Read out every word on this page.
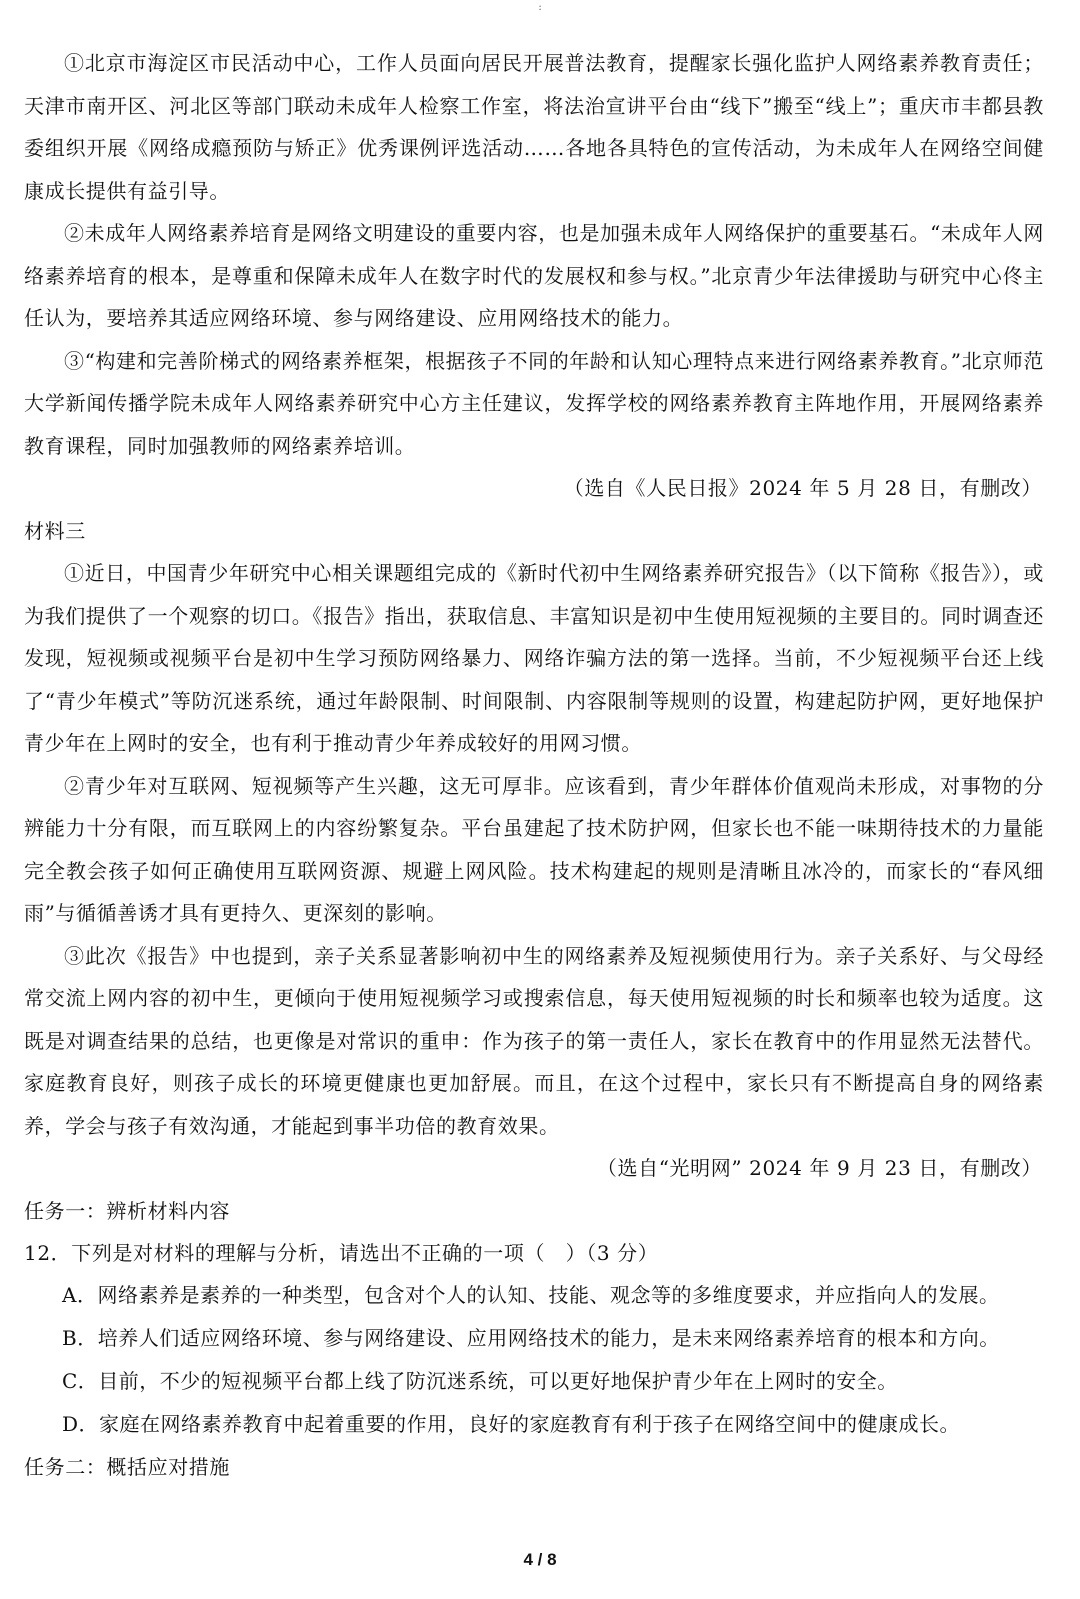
:

①北京市海淀区市民活动中心，工作人员面向居民开展普法教育，提醒家长强化监护人网络素养教育责任；天津市南开区、河北区等部门联动未成年人检察工作室，将法治宣讲平台由“线下”搬至“线上”；重庆市丰都县教委组织开展《网络成瘾预防与矫正》优秀课例评选活动……各地各具特色的宣传活动，为未成年人在网络空间健康成长提供有益引导。

②未成年人网络素养培育是网络文明建设的重要内容，也是加强未成年人网络保护的重要基石。“未成年人网络素养培育的根本，是尊重和保障未成年人在数字时代的发展权和参与权。”北京青少年法律援助与研究中心佟主任认为，要培养其适应网络环境、参与网络建设、应用网络技术的能力。

③“构建和完善阶梯式的网络素养框架，根据孩子不同的年龄和认知心理特点来进行网络素养教育。”北京师范大学新闻传播学院未成年人网络素养研究中心方主任建议，发挥学校的网络素养教育主阵地作用，开展网络素养教育课程，同时加强教师的网络素养培训。

（选自《人民日报》2024 年 5 月 28 日，有删改）

材料三

①近日，中国青少年研究中心相关课题组完成的《新时代初中生网络素养研究报告》（以下简称《报告》），或为我们提供了一个观察的切口。《报告》指出，获取信息、丰富知识是初中生使用短视频的主要目的。同时调查还发现，短视频或视频平台是初中生学习预防网络暴力、网络诈骗方法的第一选择。当前，不少短视频平台还上线了“青少年模式”等防沉迷系统，通过年龄限制、时间限制、内容限制等规则的设置，构建起防护网，更好地保护青少年在上网时的安全，也有利于推动青少年养成较好的用网习惯。

②青少年对互联网、短视频等产生兴趣，这无可厚非。应该看到，青少年群体价值观尚未形成，对事物的分辨能力十分有限，而互联网上的内容纷繁复杂。平台虽建起了技术防护网，但家长也不能一味期待技术的力量能完全教会孩子如何正确使用互联网资源、规避上网风险。技术构建起的规则是清晰且冰冷的，而家长的“春风细雨”与循循善诱才具有更持久、更深刻的影响。

③此次《报告》中也提到，亲子关系显著影响初中生的网络素养及短视频使用行为。亲子关系好、与父母经常交流上网内容的初中生，更倾向于使用短视频学习或搜索信息，每天使用短视频的时长和频率也较为适度。这既是对调查结果的总结，也更像是对常识的重申：作为孩子的第一责任人，家长在教育中的作用显然无法替代。家庭教育良好，则孩子成长的环境更健康也更加舒展。而且，在这个过程中，家长只有不断提高自身的网络素养，学会与孩子有效沟通，才能起到事半功倍的教育效果。

（选自“光明网” 2024 年 9 月 23 日，有删改）

任务一：辨析材料内容

12．下列是对材料的理解与分析，请选出不正确的一项（　）（3 分）

A．网络素养是素养的一种类型，包含对个人的认知、技能、观念等的多维度要求，并应指向人的发展。

B．培养人们适应网络环境、参与网络建设、应用网络技术的能力，是未来网络素养培育的根本和方向。

C．目前，不少的短视频平台都上线了防沉迷系统，可以更好地保护青少年在上网时的安全。

D．家庭在网络素养教育中起着重要的作用，良好的家庭教育有利于孩子在网络空间中的健康成长。

任务二：概括应对措施

4 / 8
